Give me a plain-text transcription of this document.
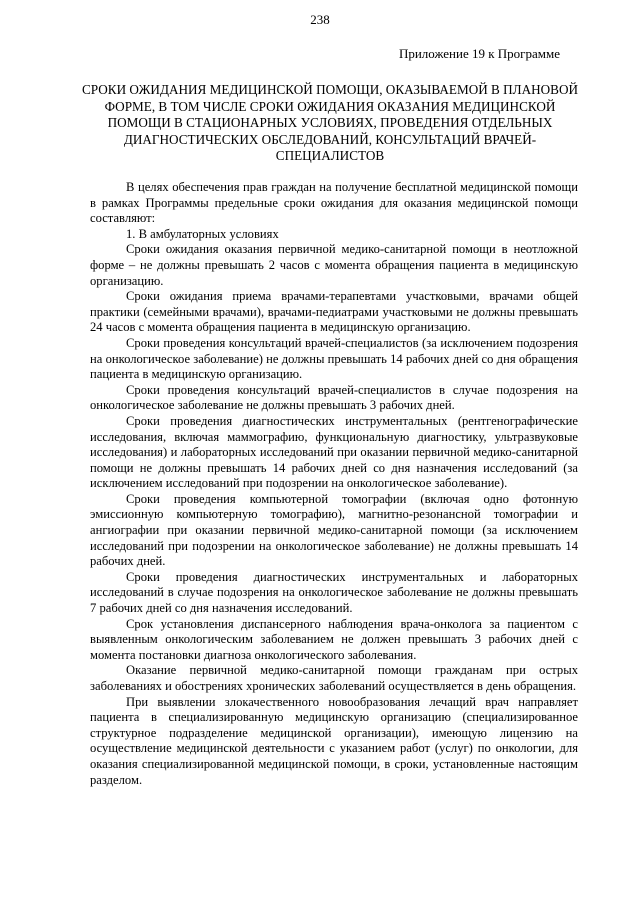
238
Приложение 19 к Программе
СРОКИ ОЖИДАНИЯ МЕДИЦИНСКОЙ ПОМОЩИ, ОКАЗЫВАЕМОЙ В ПЛАНОВОЙ ФОРМЕ, В ТОМ ЧИСЛЕ СРОКИ ОЖИДАНИЯ ОКАЗАНИЯ МЕДИЦИНСКОЙ ПОМОЩИ В СТАЦИОНАРНЫХ УСЛОВИЯХ, ПРОВЕДЕНИЯ ОТДЕЛЬНЫХ ДИАГНОСТИЧЕСКИХ ОБСЛЕДОВАНИЙ, КОНСУЛЬТАЦИЙ ВРАЧЕЙ-СПЕЦИАЛИСТОВ

В целях обеспечения прав граждан на получение бесплатной медицинской помощи в рамках Программы предельные сроки ожидания для оказания медицинской помощи составляют:

1. В амбулаторных условиях

Сроки ожидания оказания первичной медико-санитарной помощи в неотложной форме – не должны превышать 2 часов с момента обращения пациента в медицинскую организацию.

Сроки ожидания приема врачами-терапевтами участковыми, врачами общей практики (семейными врачами), врачами-педиатрами участковыми не должны превышать 24 часов с момента обращения пациента в медицинскую организацию.

Сроки проведения консультаций врачей-специалистов (за исключением подозрения на онкологическое заболевание) не должны превышать 14 рабочих дней со дня обращения пациента в медицинскую организацию.

Сроки проведения консультаций врачей-специалистов в случае подозрения на онкологическое заболевание не должны превышать 3 рабочих дней.

Сроки проведения диагностических инструментальных (рентгенографические исследования, включая маммографию, функциональную диагностику, ультразвуковые исследования) и лабораторных исследований при оказании первичной медико-санитарной помощи не должны превышать 14 рабочих дней со дня назначения исследований (за исключением исследований при подозрении на онкологическое заболевание).

Сроки проведения компьютерной томографии (включая одно фотонную эмиссионную компьютерную томографию), магнитно-резонансной томографии и ангиографии при оказании первичной медико-санитарной помощи (за исключением исследований при подозрении на онкологическое заболевание) не должны превышать 14 рабочих дней.

Сроки проведения диагностических инструментальных и лабораторных исследований в случае подозрения на онкологическое заболевание не должны превышать 7 рабочих дней со дня назначения исследований.

Срок установления диспансерного наблюдения врача-онколога за пациентом с выявленным онкологическим заболеванием не должен превышать 3 рабочих дней с момента постановки диагноза онкологического заболевания.

Оказание первичной медико-санитарной помощи гражданам при острых заболеваниях и обострениях хронических заболеваний осуществляется в день обращения.

При выявлении злокачественного новообразования лечащий врач направляет пациента в специализированную медицинскую организацию (специализированное структурное подразделение медицинской организации), имеющую лицензию на осуществление медицинской деятельности с указанием работ (услуг) по онкологии, для оказания специализированной медицинской помощи, в сроки, установленные настоящим разделом.
